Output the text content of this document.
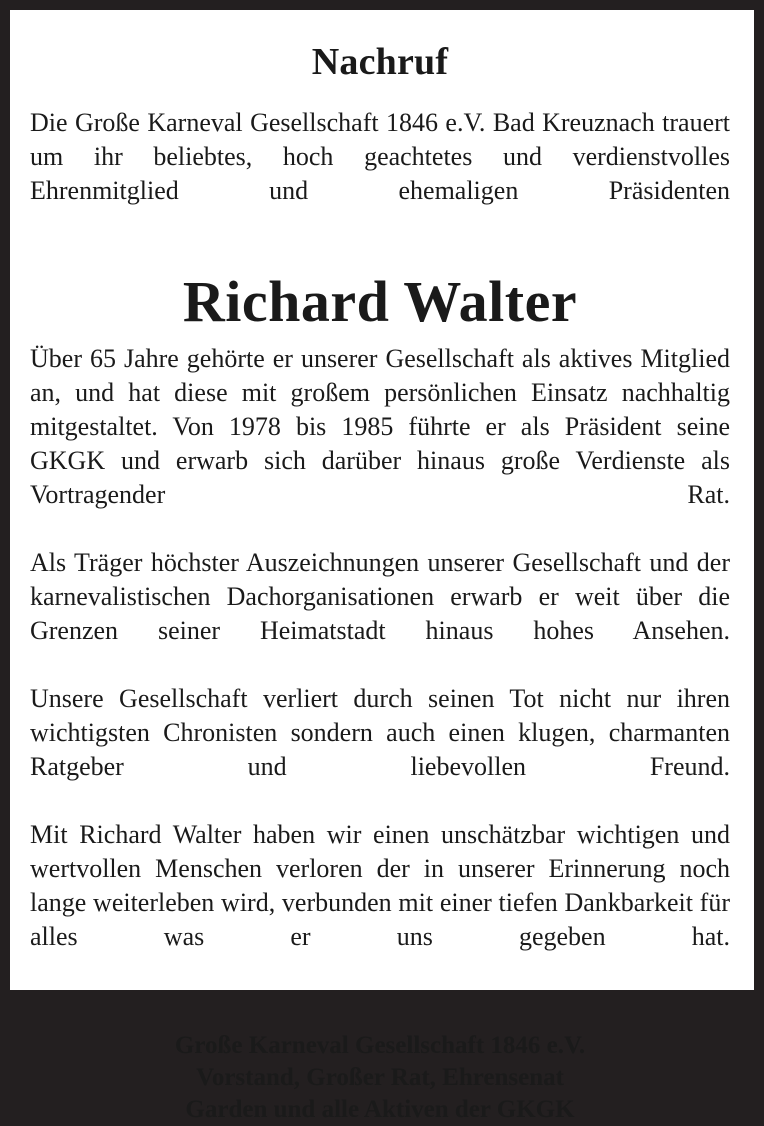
Nachruf

Die Große Karneval Gesellschaft 1846 e.V. Bad Kreuznach trauert um ihr beliebtes, hoch geachtetes und verdienstvolles Ehrenmitglied und ehemaligen Präsidenten

Richard Walter

Über 65 Jahre gehörte er unserer Gesellschaft als aktives Mitglied an, und hat diese mit großem persönlichen Einsatz nachhaltig mitgestaltet. Von 1978 bis 1985 führte er als Präsident seine GKGK und erwarb sich darüber hinaus große Verdienste als Vortragender Rat.

Als Träger höchster Auszeichnungen unserer Gesellschaft und der karnevalistischen Dachorganisationen erwarb er weit über die Grenzen seiner Heimatstadt hinaus hohes Ansehen.

Unsere Gesellschaft verliert durch seinen Tot nicht nur ihren wichtigsten Chronisten sondern auch einen klugen, charmanten Ratgeber und liebevollen Freund.

Mit Richard Walter haben wir einen unschätzbar wichtigen und wertvollen Menschen verloren der in unserer Erinnerung noch lange weiterleben wird, verbunden mit einer tiefen Dankbarkeit für alles was er uns gegeben hat.

Große Karneval Gesellschaft 1846 e.V.
Vorstand, Großer Rat, Ehrensenat
Garden und alle Aktiven der GKGK
